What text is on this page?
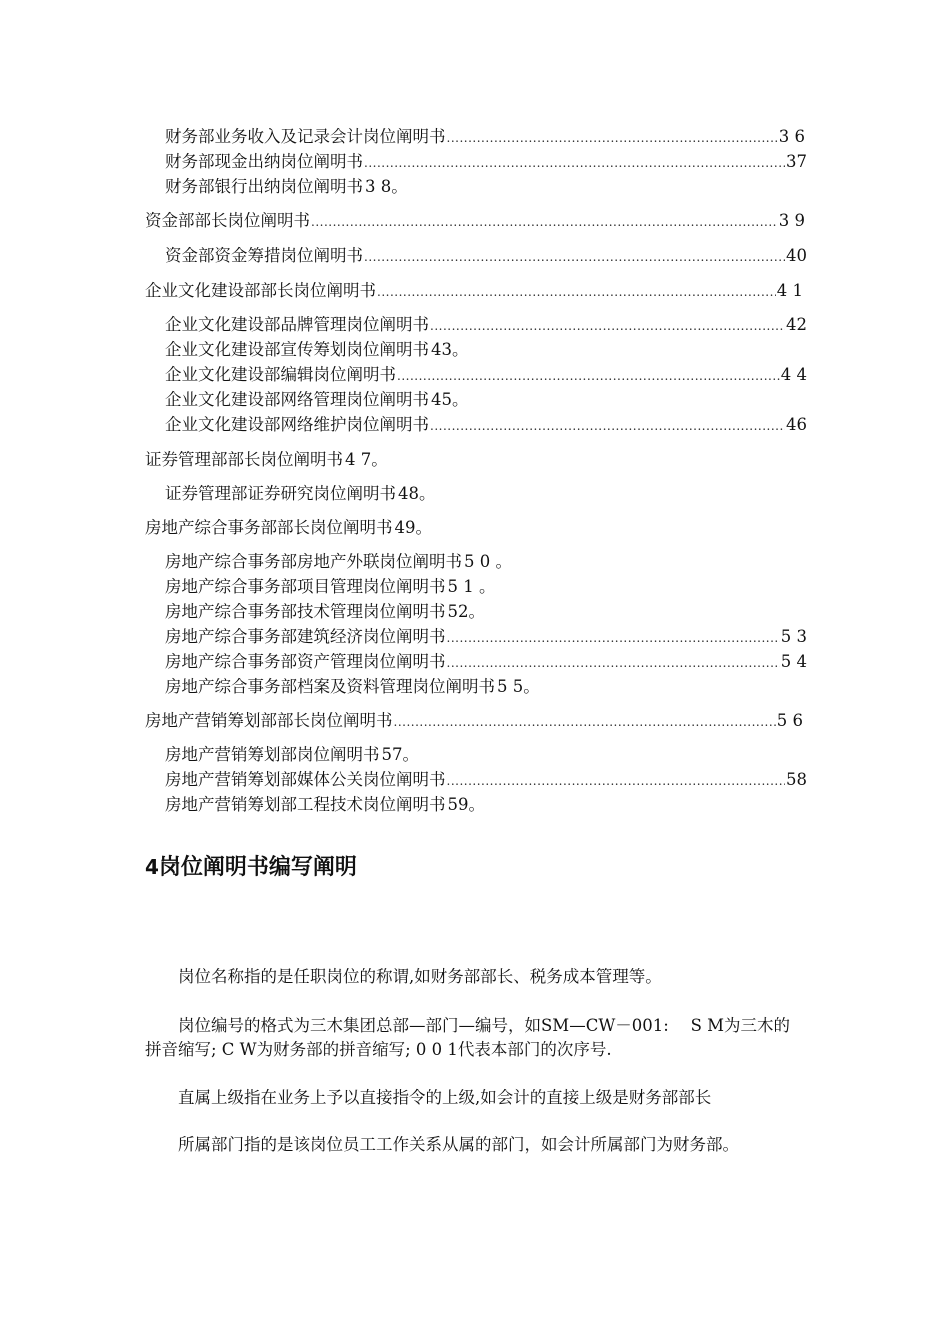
财务部业务收入及记录会计岗位阐明书 .....	3 6
财务部现金出纳岗位阐明书 .....	37
财务部银行出纳岗位阐明书 3 8。
资金部部长岗位阐明书 .....	3 9
资金部资金筹措岗位阐明书 .....	40
企业文化建设部部长岗位阐明书 .....	4 1
企业文化建设部品牌管理岗位阐明书 .....	42
企业文化建设部宣传筹划岗位阐明书 43。
企业文化建设部编辑岗位阐明书 .....	4 4
企业文化建设部网络管理岗位阐明书 45。
企业文化建设部网络维护岗位阐明书 .....	46
证券管理部部长岗位阐明书 4 7。
证券管理部证券研究岗位阐明书 48。
房地产综合事务部部长岗位阐明书 49。
房地产综合事务部房地产外联岗位阐明书 5 0 。
房地产综合事务部项目管理岗位阐明书 5 1 。
房地产综合事务部技术管理岗位阐明书 52。
房地产综合事务部建筑经济岗位阐明书 .....	5 3
房地产综合事务部资产管理岗位阐明书 .....	5 4
房地产综合事务部档案及资料管理岗位阐明书 5 5。
房地产营销筹划部部长岗位阐明书 .....	5 6
房地产营销筹划部岗位阐明书 57。
房地产营销筹划部媒体公关岗位阐明书 .....	58
房地产营销筹划部工程技术岗位阐明书 59。
4岗位阐明书编写阐明

岗位名称指的是任职岗位的称谓,如财务部部长、税务成本管理等。

岗位编号的格式为三木集团总部—部门—编号，如SM—CW－001:　 S M为三木的拼音缩写; C W为财务部的拼音缩写; 0 0 1代表本部门的次序号.

直属上级指在业务上予以直接指令的上级,如会计的直接上级是财务部部长

所属部门指的是该岗位员工工作关系从属的部门，如会计所属部门为财务部。
